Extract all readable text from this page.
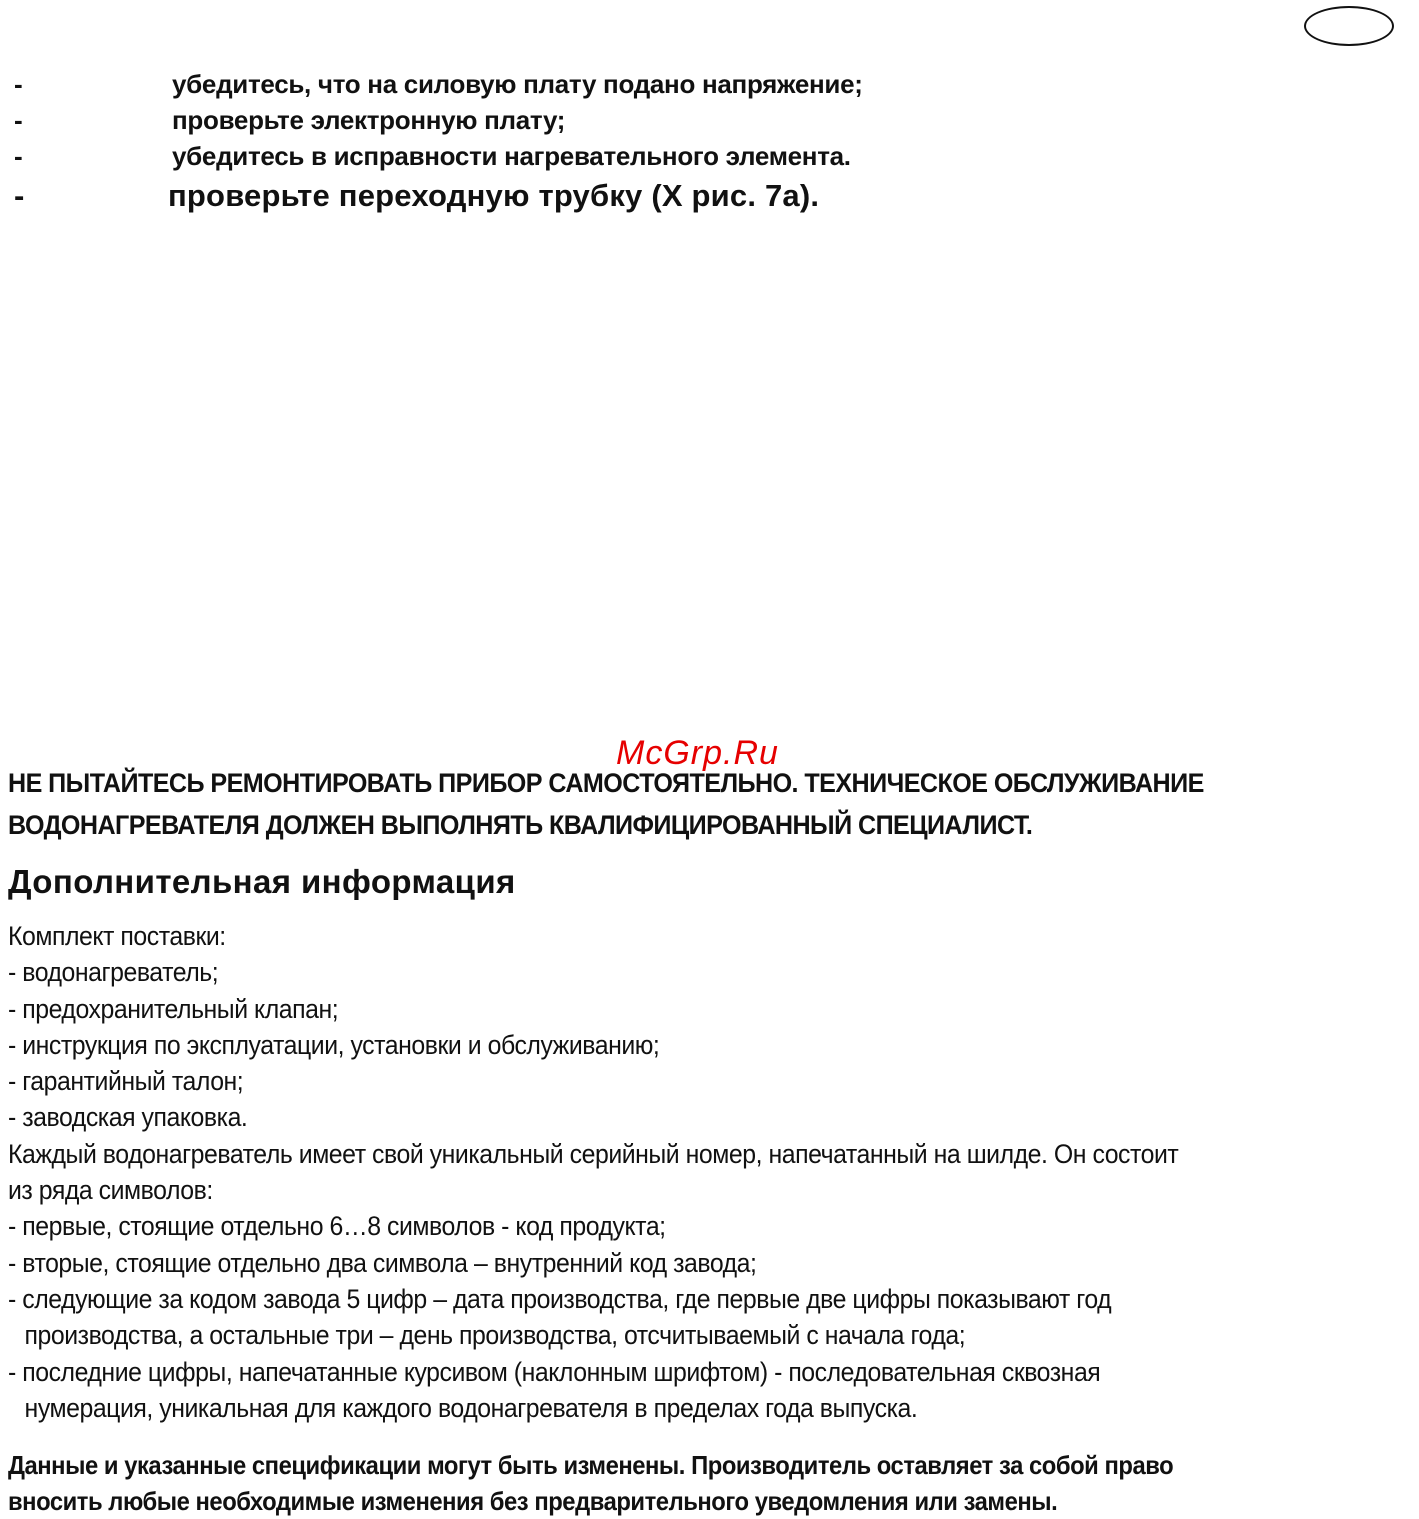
-	убедитесь, что на силовую плату подано напряжение;
-	проверьте электронную плату;
-	убедитесь в исправности нагревательного элемента.
-	проверьте переходную трубку (X рис. 7а).
McGrp.Ru
НЕ ПЫТАЙТЕСЬ РЕМОНТИРОВАТЬ ПРИБОР САМОСТОЯТЕЛЬНО. ТЕХНИЧЕСКОЕ ОБСЛУЖИВАНИЕ
ВОДОНАГРЕВАТЕЛЯ ДОЛЖЕН ВЫПОЛНЯТЬ КВАЛИФИЦИРОВАННЫЙ СПЕЦИАЛИСТ.
Дополнительная информация
Комплект поставки:
- водонагреватель;
- предохранительный клапан;
- инструкция по эксплуатации, установки и обслуживанию;
- гарантийный талон;
- заводская упаковка.
Каждый водонагреватель имеет свой уникальный серийный номер, напечатанный на шилде. Он состоит
из ряда символов:
- первые, стоящие отдельно 6…8 символов - код продукта;
- вторые, стоящие отдельно два символа – внутренний код завода;
- следующие за кодом завода 5 цифр – дата производства, где первые две цифры показывают год
производства, а остальные три – день производства, отсчитываемый с начала года;
- последние цифры, напечатанные курсивом (наклонным шрифтом) - последовательная сквозная
нумерация, уникальная для каждого водонагревателя в пределах года выпуска.
Данные и указанные спецификации могут быть изменены. Производитель оставляет за собой право
вносить любые необходимые изменения без предварительного уведомления или замены.
